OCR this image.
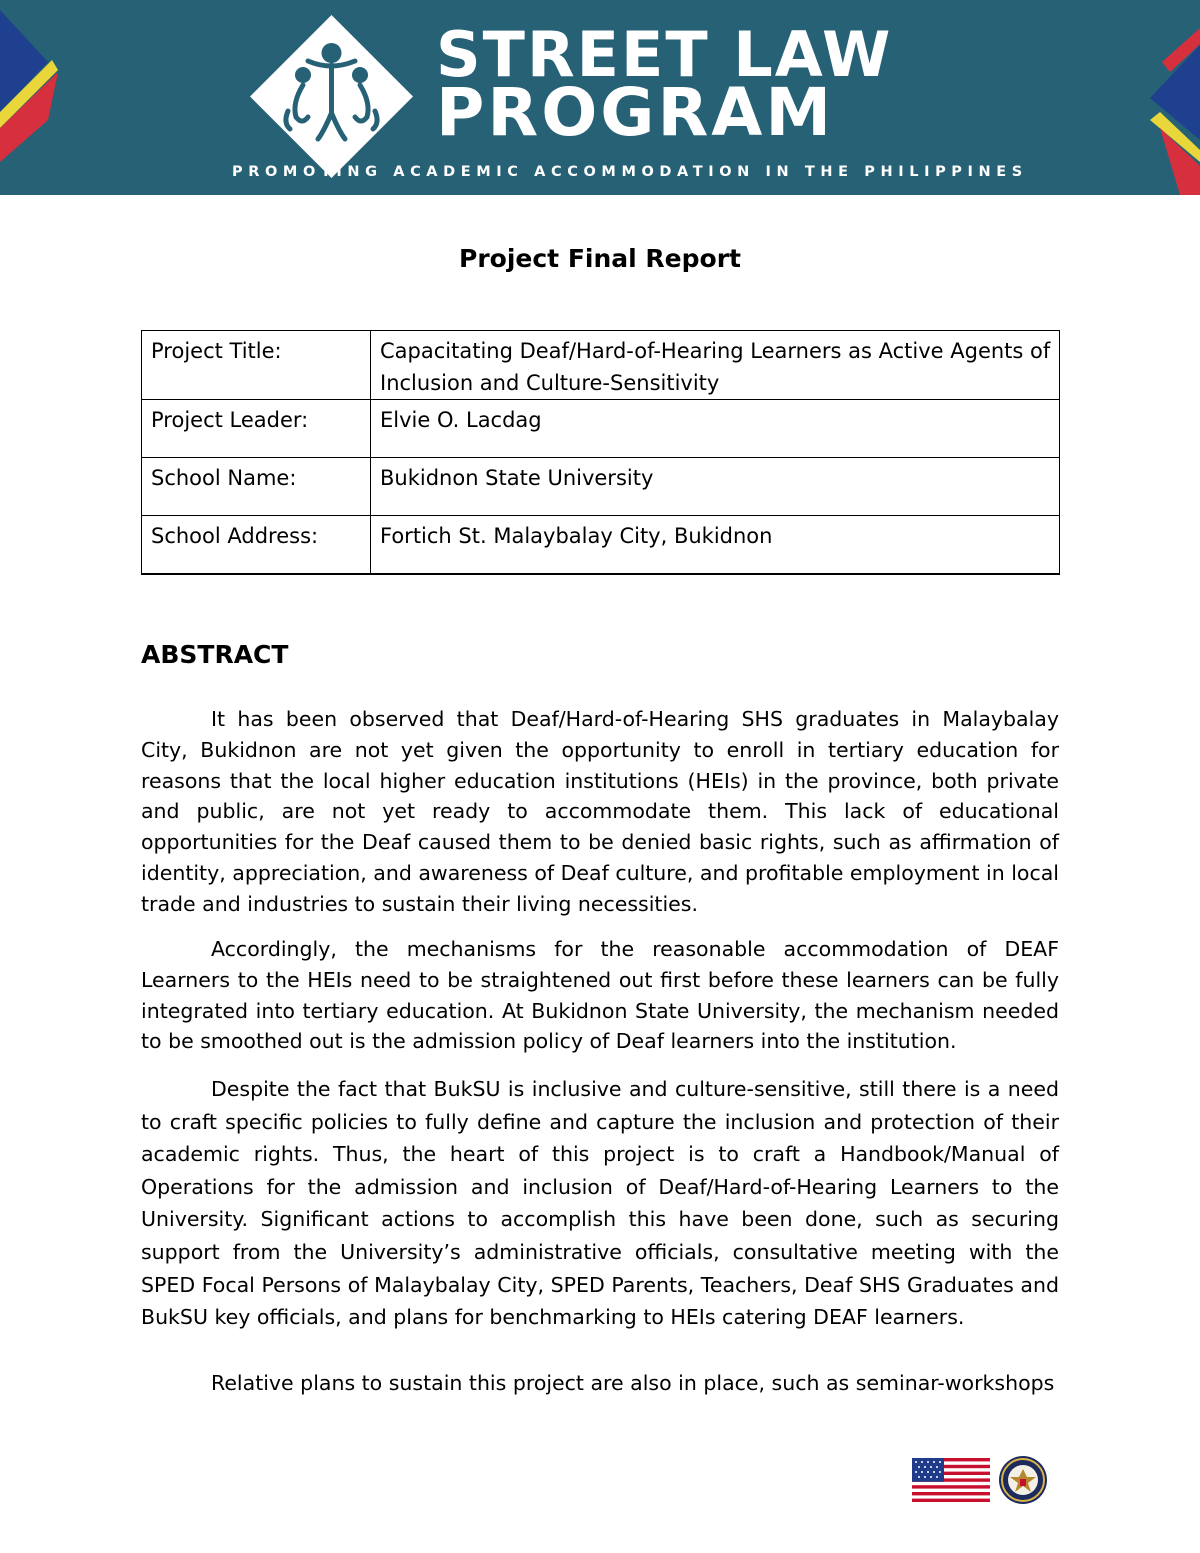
STREET LAW
PROGRAM
PROMOTING ACADEMIC ACCOMMODATION IN THE PHILIPPINES
Project Final Report
Project Title:	Capacitating Deaf/Hard-of-Hearing Learners as Active Agents of Inclusion and Culture-Sensitivity
Project Leader:	Elvie O. Lacdag
School Name:	Bukidnon State University
School Address:	Fortich St. Malaybalay City, Bukidnon
ABSTRACT

It has been observed that Deaf/Hard-of-Hearing SHS graduates in Malaybalay City, Bukidnon are not yet given the opportunity to enroll in tertiary education for reasons that the local higher education institutions (HEIs) in the province, both private and public, are not yet ready to accommodate them. This lack of educational opportunities for the Deaf caused them to be denied basic rights, such as affirmation of identity, appreciation, and awareness of Deaf culture, and profitable employment in local trade and industries to sustain their living necessities.

Accordingly, the mechanisms for the reasonable accommodation of DEAF Learners to the HEIs need to be straightened out first before these learners can be fully integrated into tertiary education. At Bukidnon State University, the mechanism needed to be smoothed out is the admission policy of Deaf learners into the institution.

Despite the fact that BukSU is inclusive and culture-sensitive, still there is a need to craft specific policies to fully define and capture the inclusion and protection of their academic rights. Thus, the heart of this project is to craft a Handbook/Manual of Operations for the admission and inclusion of Deaf/Hard-of-Hearing Learners to the University. Significant actions to accomplish this have been done, such as securing support from the University’s administrative officials, consultative meeting with the SPED Focal Persons of Malaybalay City, SPED Parents, Teachers, Deaf SHS Graduates and BukSU key officials, and plans for benchmarking to HEIs catering DEAF learners.

Relative plans to sustain this project are also in place, such as seminar-workshops
